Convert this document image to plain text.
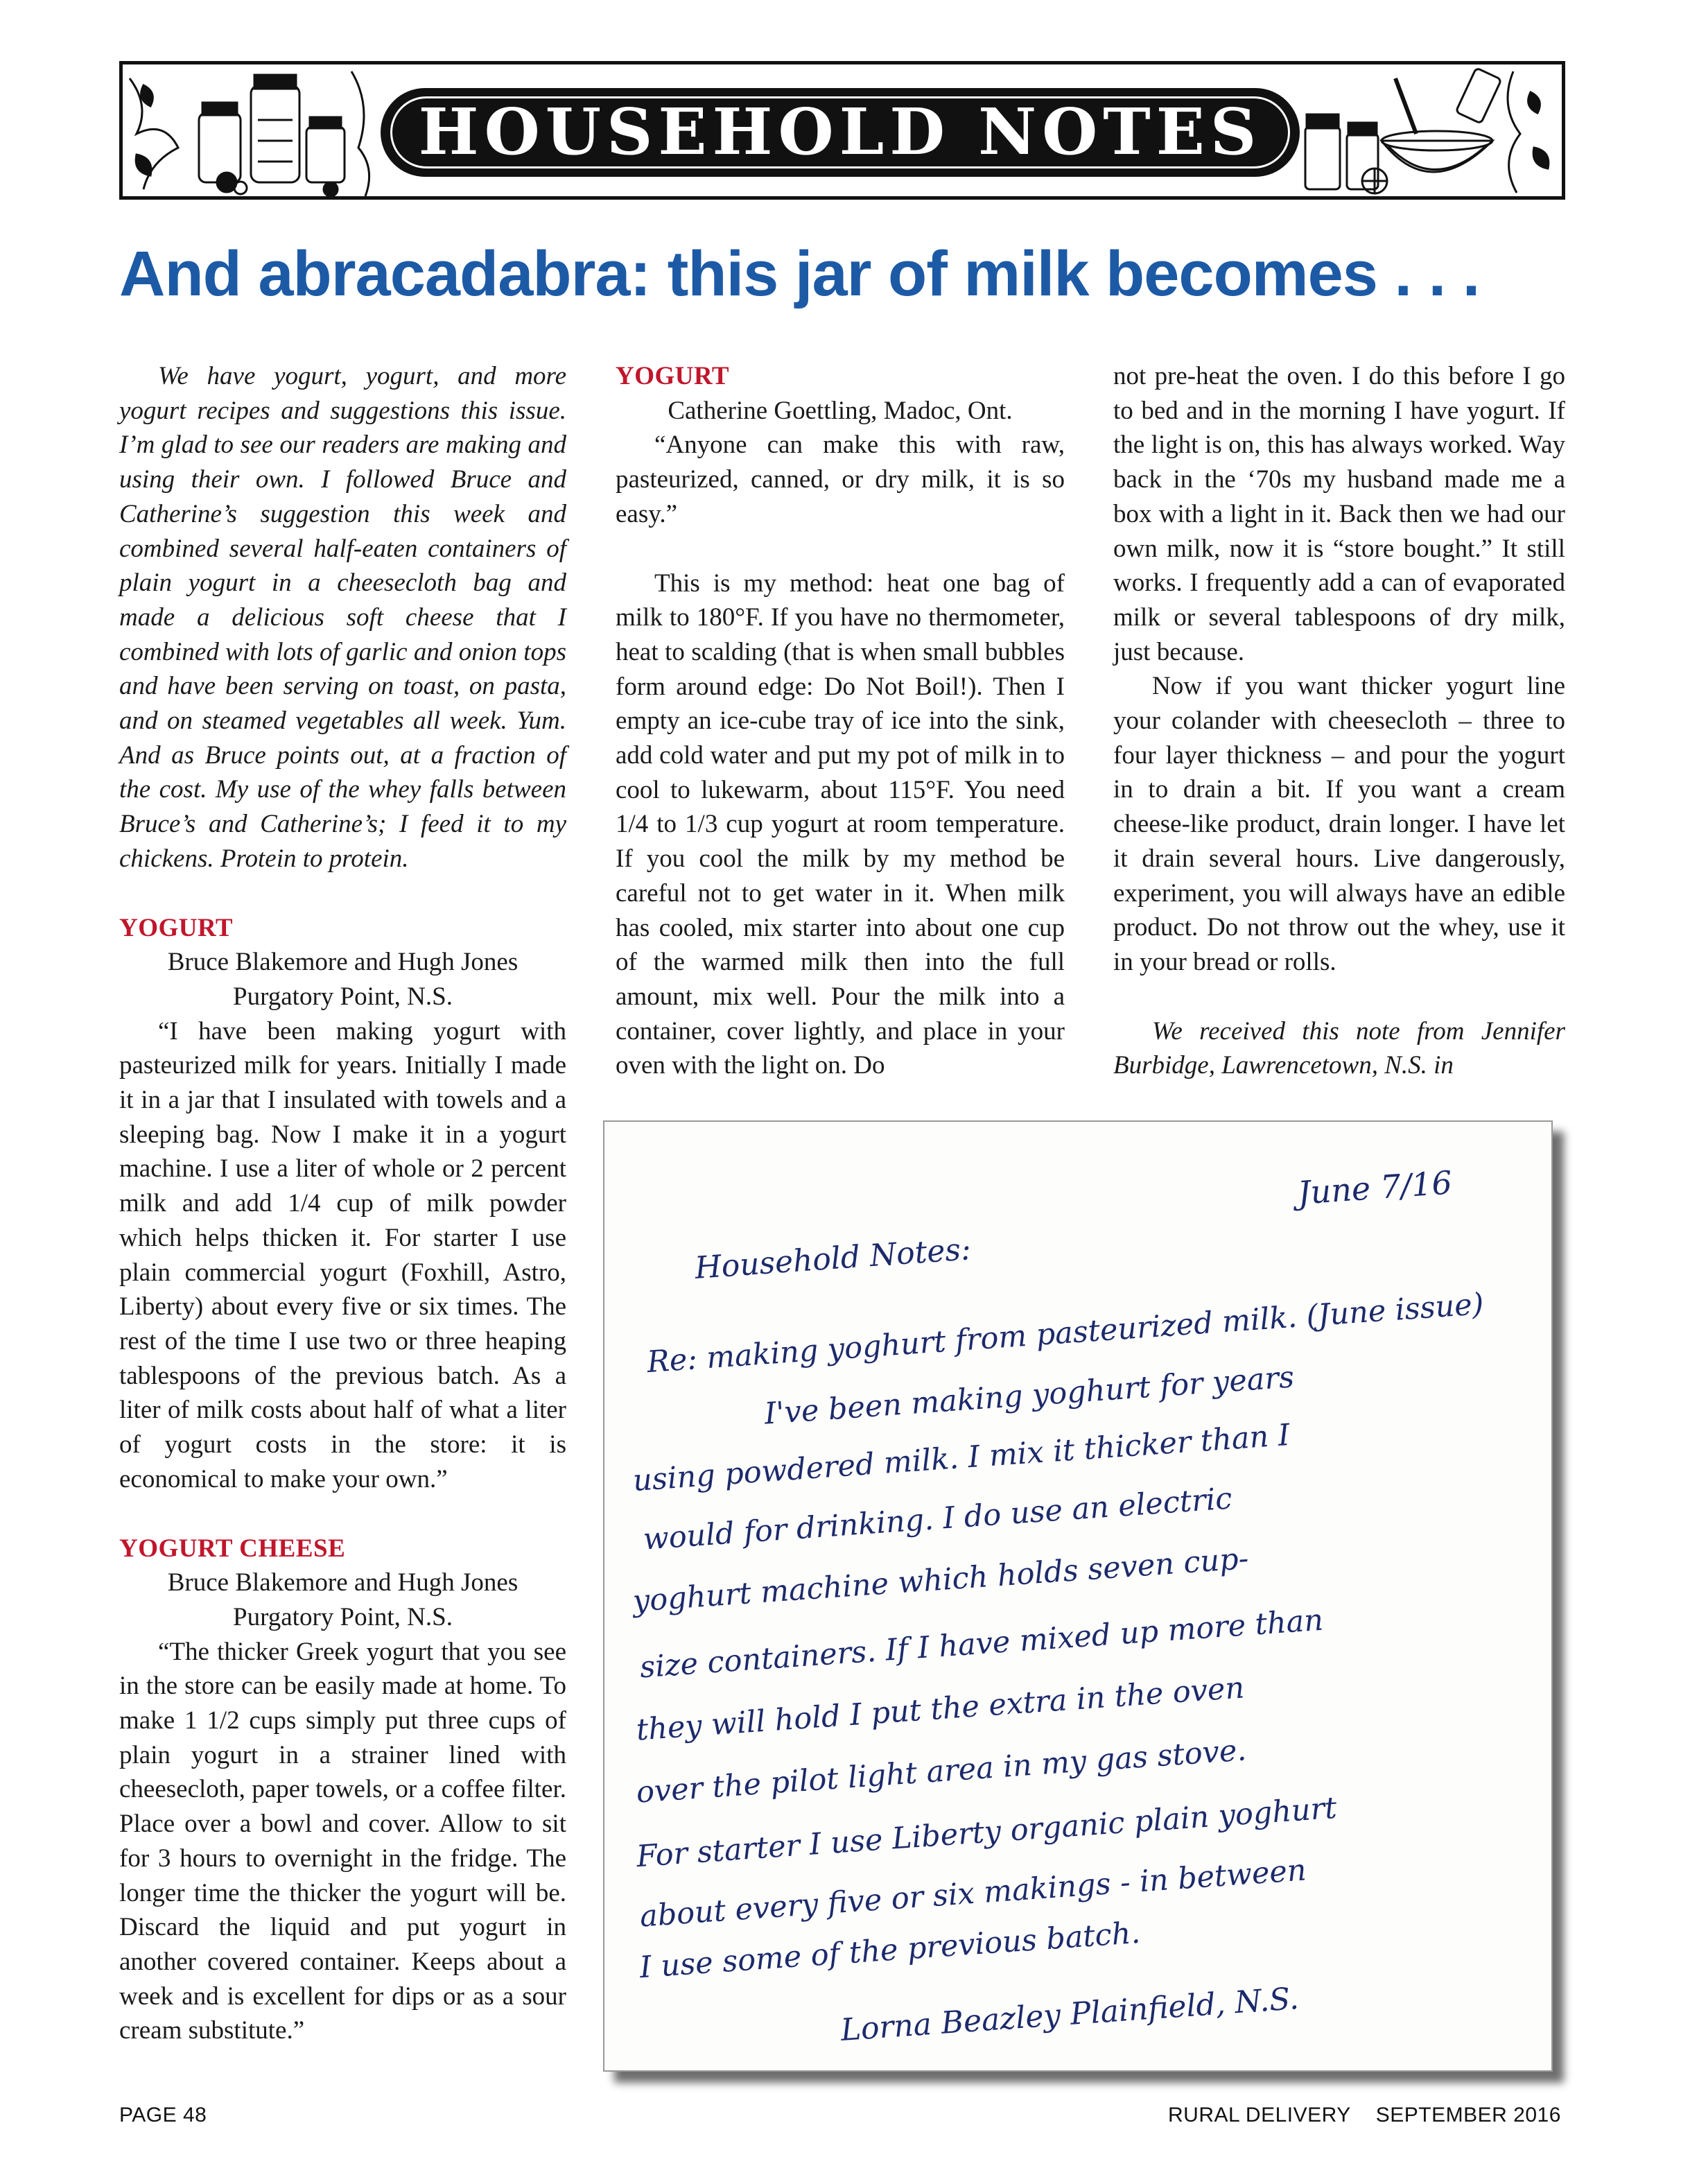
HOUSEHOLD NOTES
And abracadabra: this jar of milk becomes . . .

We have yogurt, yogurt, and more yogurt recipes and suggestions this issue. I’m glad to see our readers are making and using their own. I followed Bruce and Catherine’s suggestion this week and combined several half-eaten containers of plain yogurt in a cheesecloth bag and made a delicious soft cheese that I combined with lots of garlic and onion tops and have been serving on toast, on pasta, and on steamed vegetables all week. Yum. And as Bruce points out, at a fraction of the cost. My use of the whey falls between Bruce’s and Catherine’s; I feed it to my chickens. Protein to protein.

YOGURT

Bruce Blakemore and Hugh Jones

Purgatory Point, N.S.

“I have been making yogurt with pasteurized milk for years. Initially I made it in a jar that I insulated with towels and a sleeping bag. Now I make it in a yogurt machine. I use a liter of whole or 2 percent milk and add 1/4 cup of milk powder which helps thicken it. For starter I use plain commercial yogurt (Foxhill, Astro, Liberty) about every five or six times. The rest of the time I use two or three heaping tablespoons of the previous batch. As a liter of milk costs about half of what a liter of yogurt costs in the store: it is economical to make your own.”

YOGURT CHEESE

Bruce Blakemore and Hugh Jones

Purgatory Point, N.S.

“The thicker Greek yogurt that you see in the store can be easily made at home. To make 1 1/2 cups simply put three cups of plain yogurt in a strainer lined with cheesecloth, paper towels, or a coffee filter. Place over a bowl and cover. Allow to sit for 3 hours to overnight in the fridge. The longer time the thicker the yogurt will be. Discard the liquid and put yogurt in another covered container. Keeps about a week and is excellent for dips or as a sour cream substitute.”

YOGURT

Catherine Goettling, Madoc, Ont.

“Anyone can make this with raw, pasteurized, canned, or dry milk, it is so easy.”

This is my method: heat one bag of milk to 180°F. If you have no thermometer, heat to scalding (that is when small bubbles form around edge: Do Not Boil!). Then I empty an ice-cube tray of ice into the sink, add cold water and put my pot of milk in to cool to lukewarm, about 115°F. You need 1/4 to 1/3 cup yogurt at room temperature. If you cool the milk by my method be careful not to get water in it. When milk has cooled, mix starter into about one cup of the warmed milk then into the full amount, mix well. Pour the milk into a container, cover lightly, and place in your oven with the light on. Do

not pre-heat the oven. I do this before I go to bed and in the morning I have yogurt. If the light is on, this has always worked. Way back in the ‘70s my husband made me a box with a light in it. Back then we had our own milk, now it is “store bought.” It still works. I frequently add a can of evaporated milk or several tablespoons of dry milk, just because.

Now if you want thicker yogurt line your colander with cheesecloth – three to four layer thickness – and pour the yogurt in to drain a bit. If you want a cream cheese-like product, drain longer. I have let it drain several hours. Live dangerously, experiment, you will always have an edible product. Do not throw out the whey, use it in your bread or rolls.

We received this note from Jennifer Burbidge, Lawrencetown, N.S. in

June 7/16
Household Notes:
Re: making yoghurt from pasteurized milk. (June issue)
I've been making yoghurt for years
using powdered milk. I mix it thicker than I
would for drinking. I do use an electric
yoghurt machine which holds seven cup-
size containers. If I have mixed up more than
they will hold I put the extra in the oven
over the pilot light area in my gas stove.
For starter I use Liberty organic plain yoghurt
about every five or six makings - in between
I use some of the previous batch.
Lorna Beazley Plainfield, N.S.
PAGE 48	RURAL DELIVERY SEPTEMBER 2016
